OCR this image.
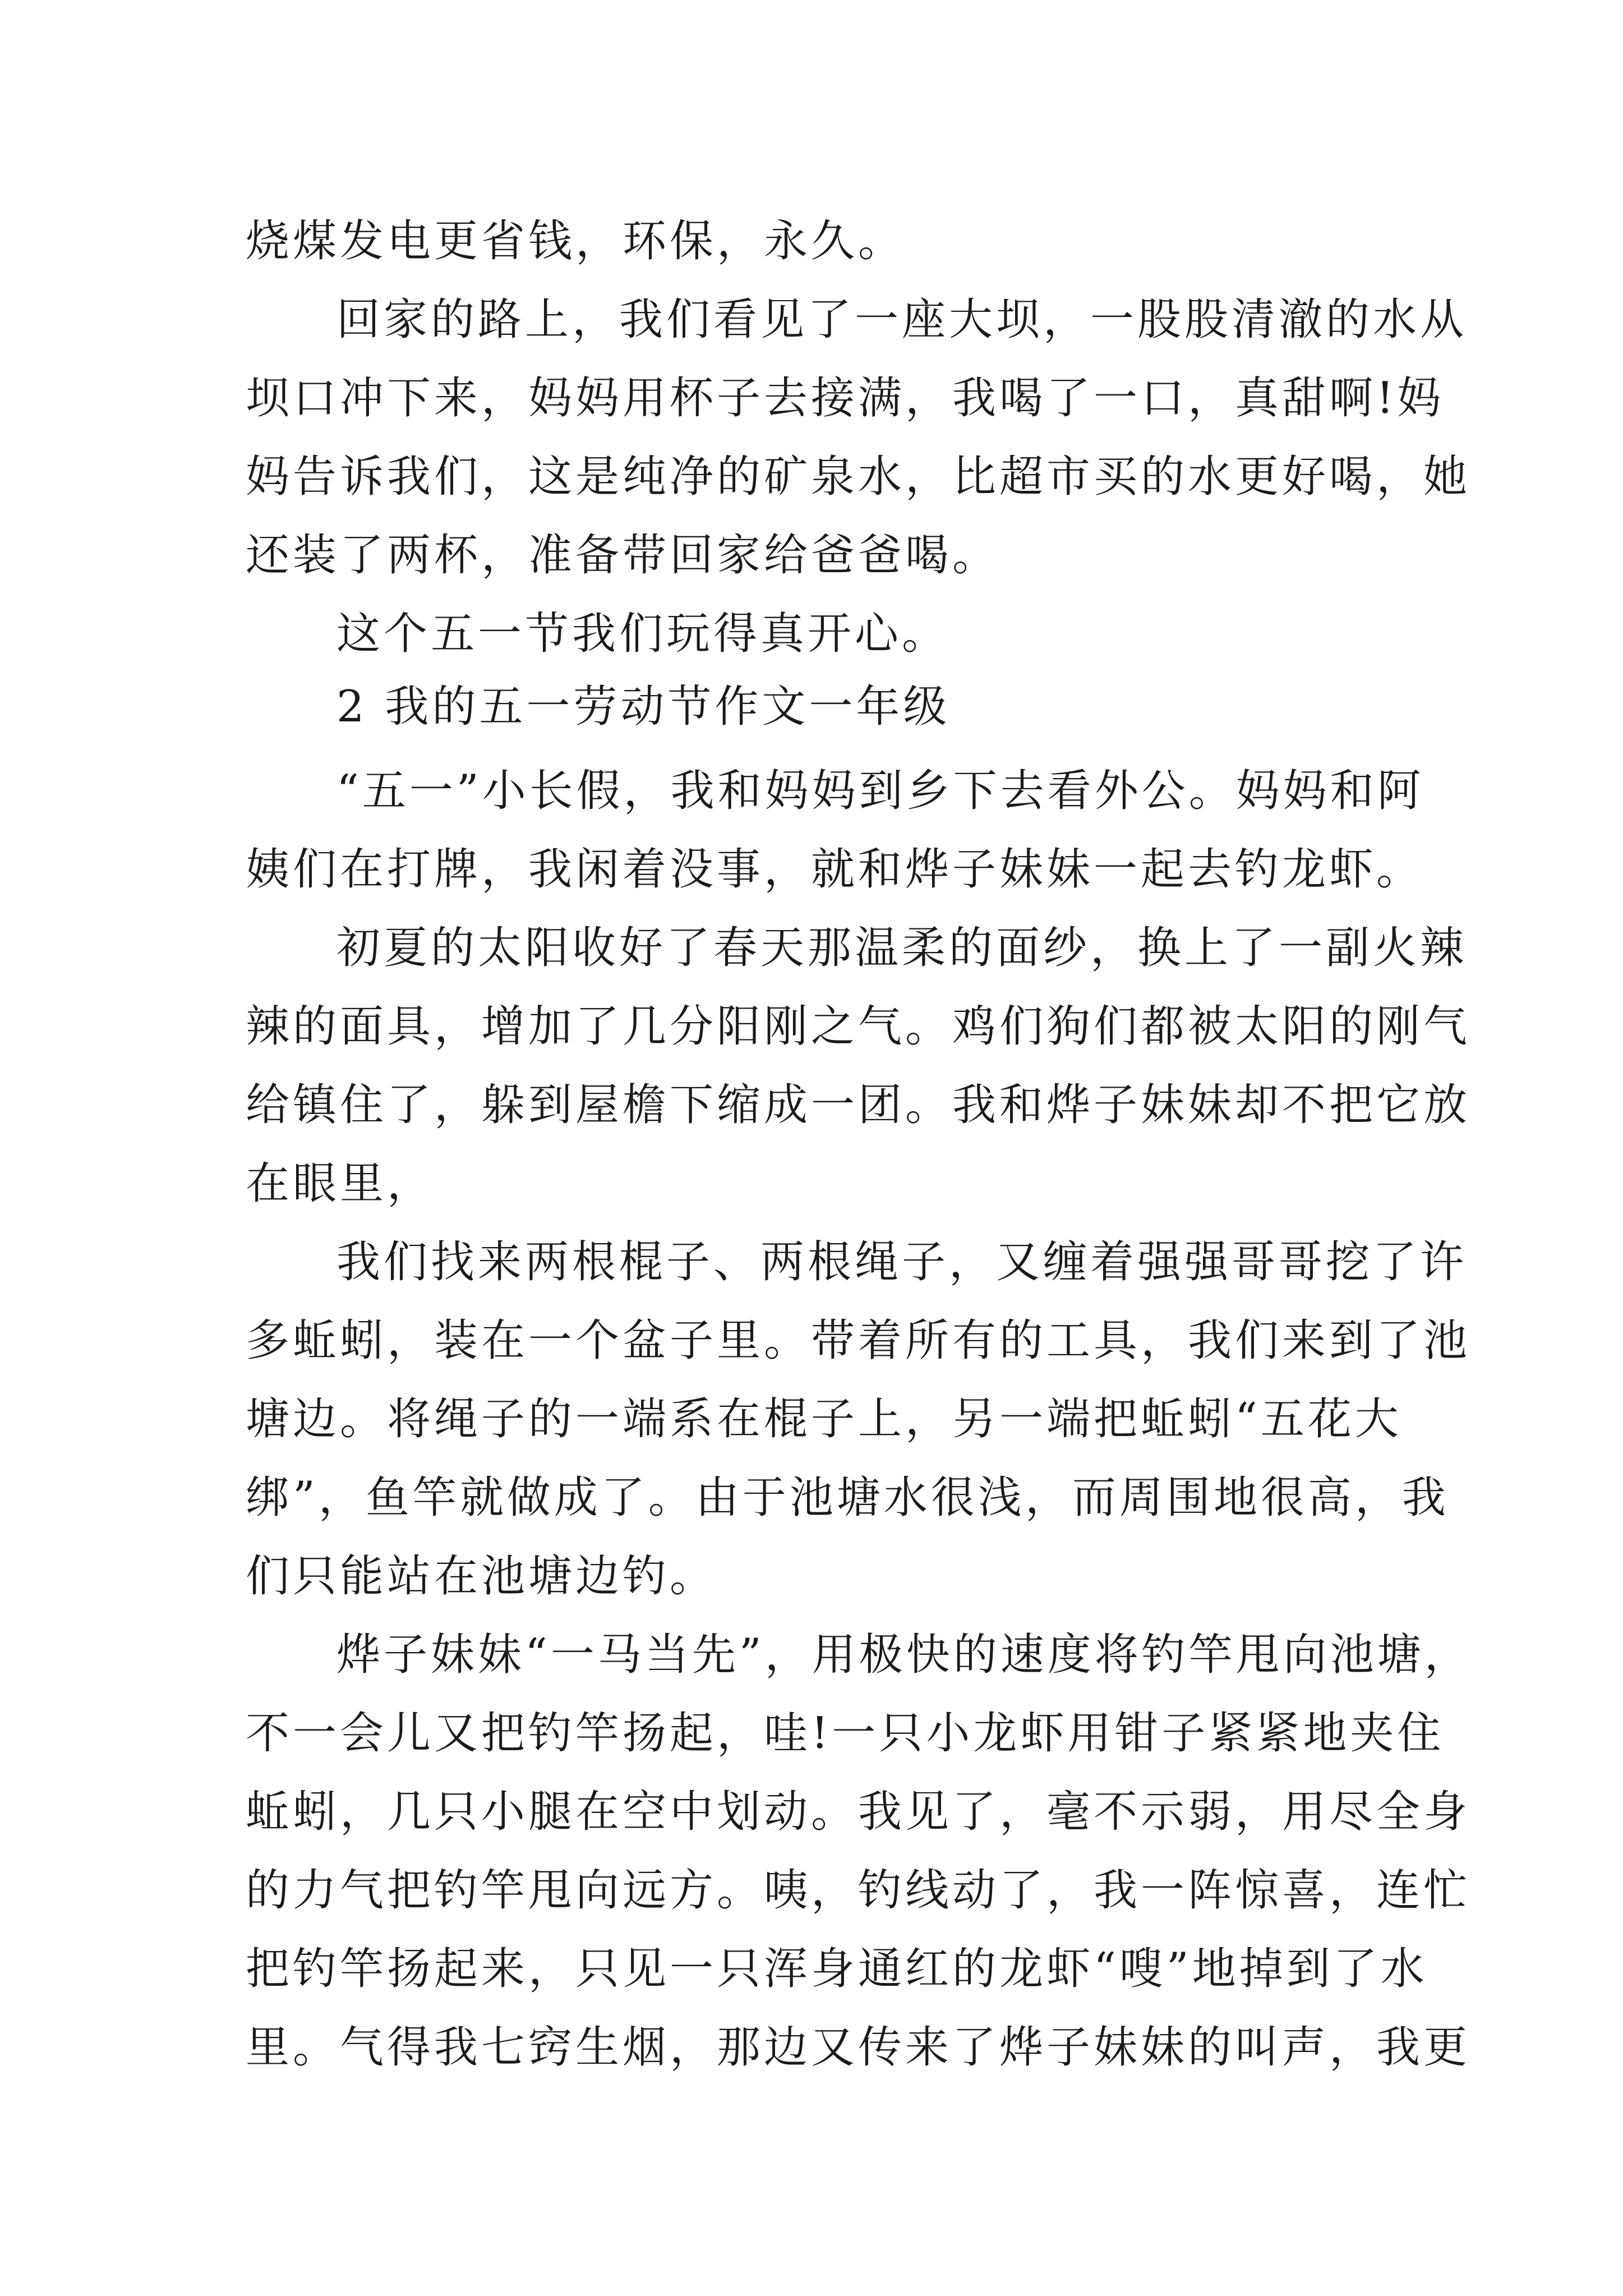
烧煤发电更省钱，环保，永久。
回家的路上，我们看见了一座大坝，一股股清澈的水从
坝口冲下来，妈妈用杯子去接满，我喝了一口，真甜啊!妈
妈告诉我们，这是纯净的矿泉水，比超市买的水更好喝，她
还装了两杯，准备带回家给爸爸喝。
这个五一节我们玩得真开心。
2 我的五一劳动节作文一年级
“五一”小长假，我和妈妈到乡下去看外公。妈妈和阿
姨们在打牌，我闲着没事，就和烨子妹妹一起去钓龙虾。
初夏的太阳收好了春天那温柔的面纱，换上了一副火辣
辣的面具，增加了几分阳刚之气。鸡们狗们都被太阳的刚气
给镇住了，躲到屋檐下缩成一团。我和烨子妹妹却不把它放
在眼里，
我们找来两根棍子、两根绳子，又缠着强强哥哥挖了许
多蚯蚓，装在一个盆子里。带着所有的工具，我们来到了池
塘边。将绳子的一端系在棍子上，另一端把蚯蚓“五花大
绑”，鱼竿就做成了。由于池塘水很浅，而周围地很高，我
们只能站在池塘边钓。
烨子妹妹“一马当先”，用极快的速度将钓竿甩向池塘，
不一会儿又把钓竿扬起，哇!一只小龙虾用钳子紧紧地夹住
蚯蚓，几只小腿在空中划动。我见了，毫不示弱，用尽全身
的力气把钓竿甩向远方。咦，钓线动了，我一阵惊喜，连忙
把钓竿扬起来，只见一只浑身通红的龙虾“嗖”地掉到了水
里。气得我七窍生烟，那边又传来了烨子妹妹的叫声，我更
